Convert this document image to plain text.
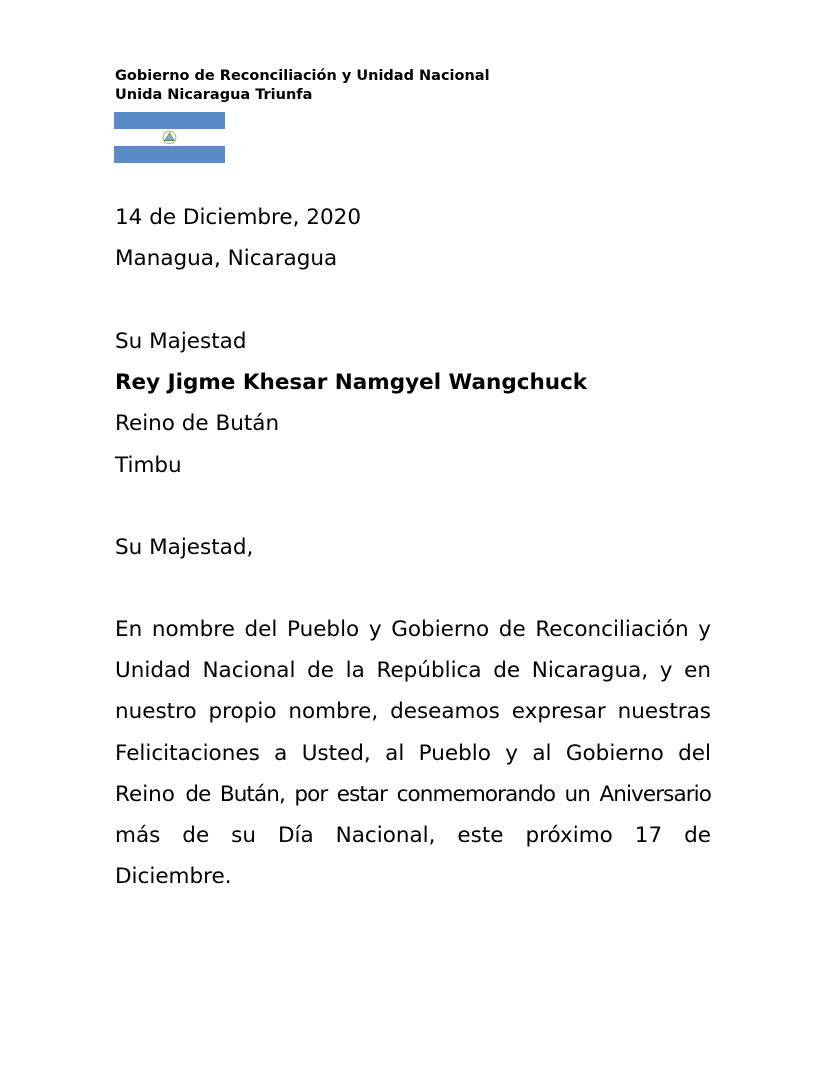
Gobierno de Reconciliación y Unidad Nacional
Unida Nicaragua Triunfa
14 de Diciembre, 2020
Managua, Nicaragua
Su Majestad
Rey Jigme Khesar Namgyel Wangchuck
Reino de Bután
Timbu
Su Majestad,
En nombre del Pueblo y Gobierno de Reconciliación y Unidad Nacional de la República de Nicaragua, y en nuestro propio nombre, deseamos expresar nuestras Felicitaciones a Usted, al Pueblo y al Gobierno del Reino de Bután, por estar conmemorando un Aniversario más de su Día Nacional, este próximo 17 de Diciembre.
